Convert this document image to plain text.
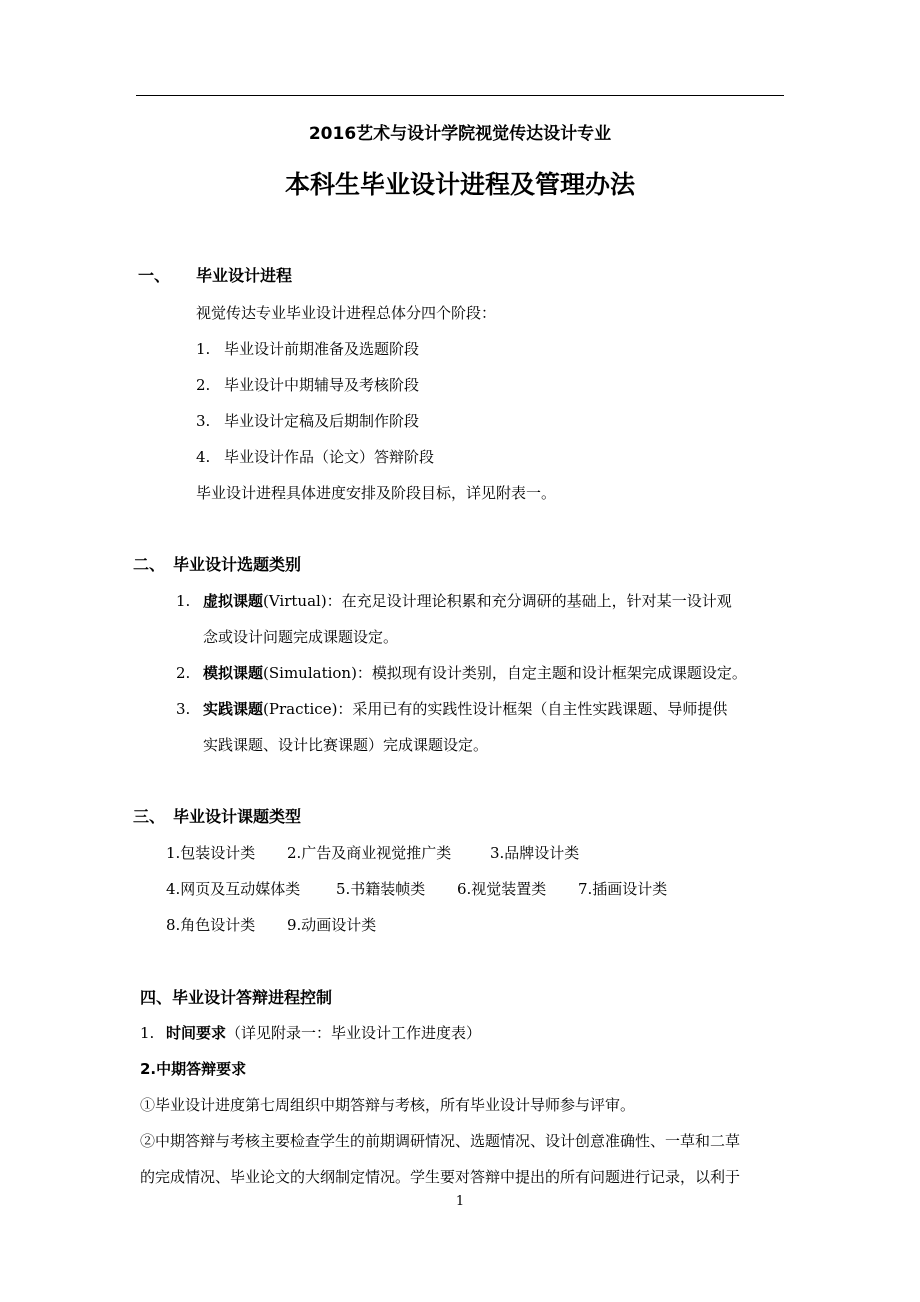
2016艺术与设计学院视觉传达设计专业
本科生毕业设计进程及管理办法
一、 毕业设计进程
视觉传达专业毕业设计进程总体分四个阶段：
1. 毕业设计前期准备及选题阶段
2. 毕业设计中期辅导及考核阶段
3. 毕业设计定稿及后期制作阶段
4. 毕业设计作品（论文）答辩阶段
毕业设计进程具体进度安排及阶段目标，详见附表一。
二、 毕业设计选题类别
1. 虚拟课题(Virtual)：在充足设计理论积累和充分调研的基础上，针对某一设计观
念或设计问题完成课题设定。
2. 模拟课题(Simulation)：模拟现有设计类别，自定主题和设计框架完成课题设定。
3. 实践课题(Practice)：采用已有的实践性设计框架（自主性实践课题、导师提供
实践课题、设计比赛课题）完成课题设定。
三、 毕业设计课题类型
1.包装设计类 2.广告及商业视觉推广类	3.品牌设计类
4.网页及互动媒体类 5.书籍装帧类 6.视觉装置类 7.插画设计类
8.角色设计类 9.动画设计类
四、毕业设计答辩进程控制
1. 时间要求（详见附录一：毕业设计工作进度表）
2.中期答辩要求
①毕业设计进度第七周组织中期答辩与考核，所有毕业设计导师参与评审。
②中期答辩与考核主要检查学生的前期调研情况、选题情况、设计创意准确性、一草和二草
的完成情况、毕业论文的大纲制定情况。学生要对答辩中提出的所有问题进行记录，以利于
1
